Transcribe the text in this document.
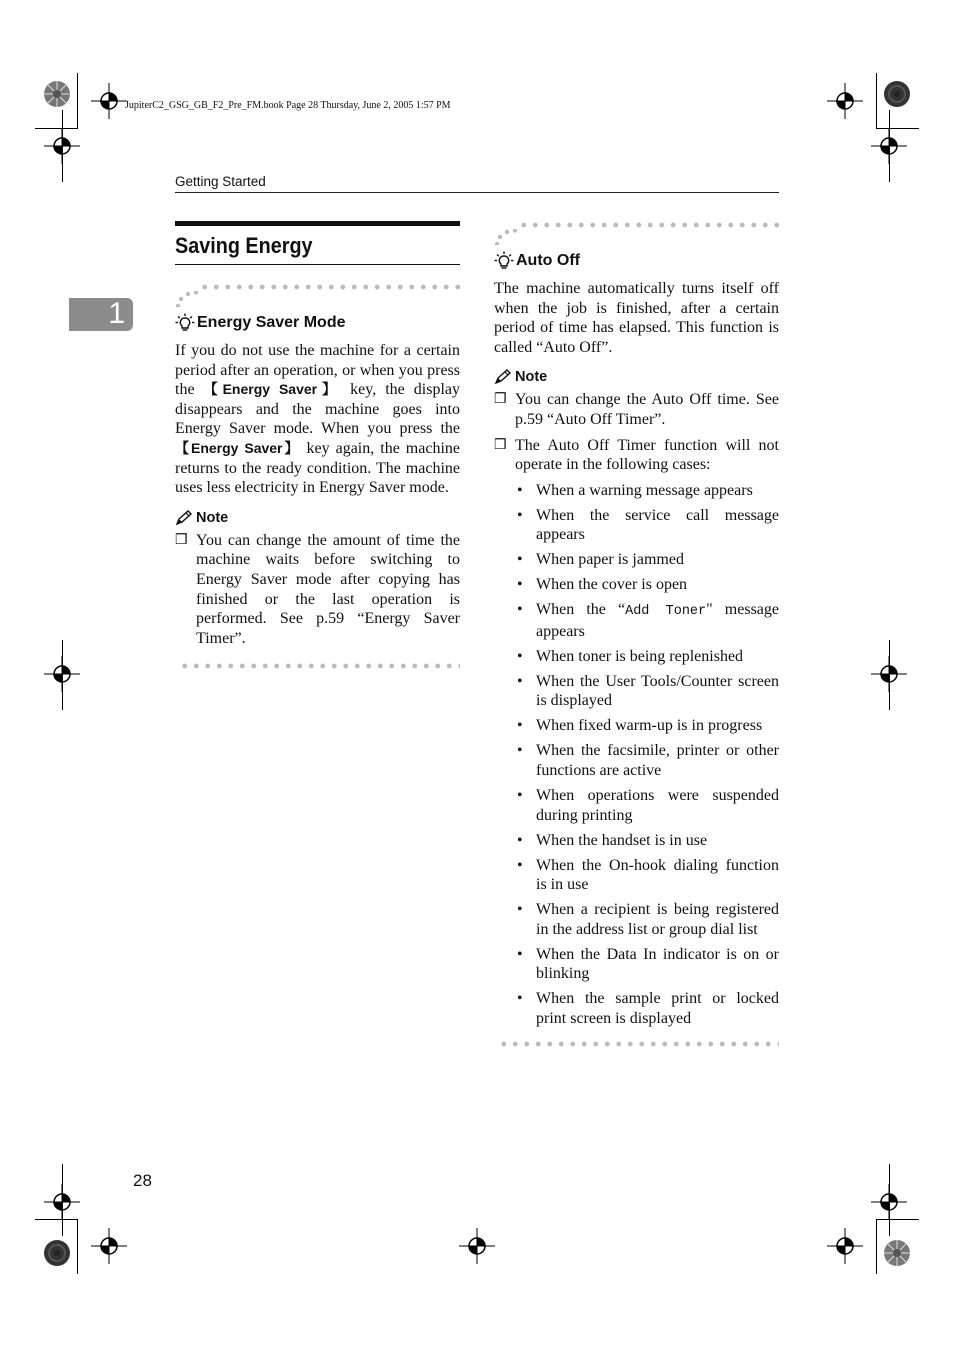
JupiterC2_GSG_GB_F2_Pre_FM.book Page 28 Thursday, June 2, 2005 1:57 PM
Getting Started
1
Saving Energy
Energy Saver Mode

If you do not use the machine for a certain period after an operation, or when you press the 【Energy Saver】 key, the display disappears and the machine goes into Energy Saver mode. When you press the 【Energy Saver】 key again, the machine returns to the ready condition. The machine uses less electricity in Energy Saver mode.

Note
❒ You can change the amount of time the machine waits before switching to Energy Saver mode after copying has finished or the last operation is performed. See p.59 “Energy Saver Timer”.
Auto Off

The machine automatically turns itself off when the job is finished, after a certain period of time has elapsed. This function is called “Auto Off”.

Note
❒ You can change the Auto Off time. See p.59 “Auto Off Timer”.
❒ The Auto Off Timer function will not operate in the following cases:
• When a warning message appears
• When the service call message appears
• When paper is jammed
• When the cover is open
• When the “Add Toner" message appears
• When toner is being replenished
• When the User Tools/Counter screen is displayed
• When fixed warm-up is in progress
• When the facsimile, printer or other functions are active
• When operations were suspended during printing
• When the handset is in use
• When the On-hook dialing function is in use
• When a recipient is being registered in the address list or group dial list
• When the Data In indicator is on or blinking
• When the sample print or locked print screen is displayed
28
